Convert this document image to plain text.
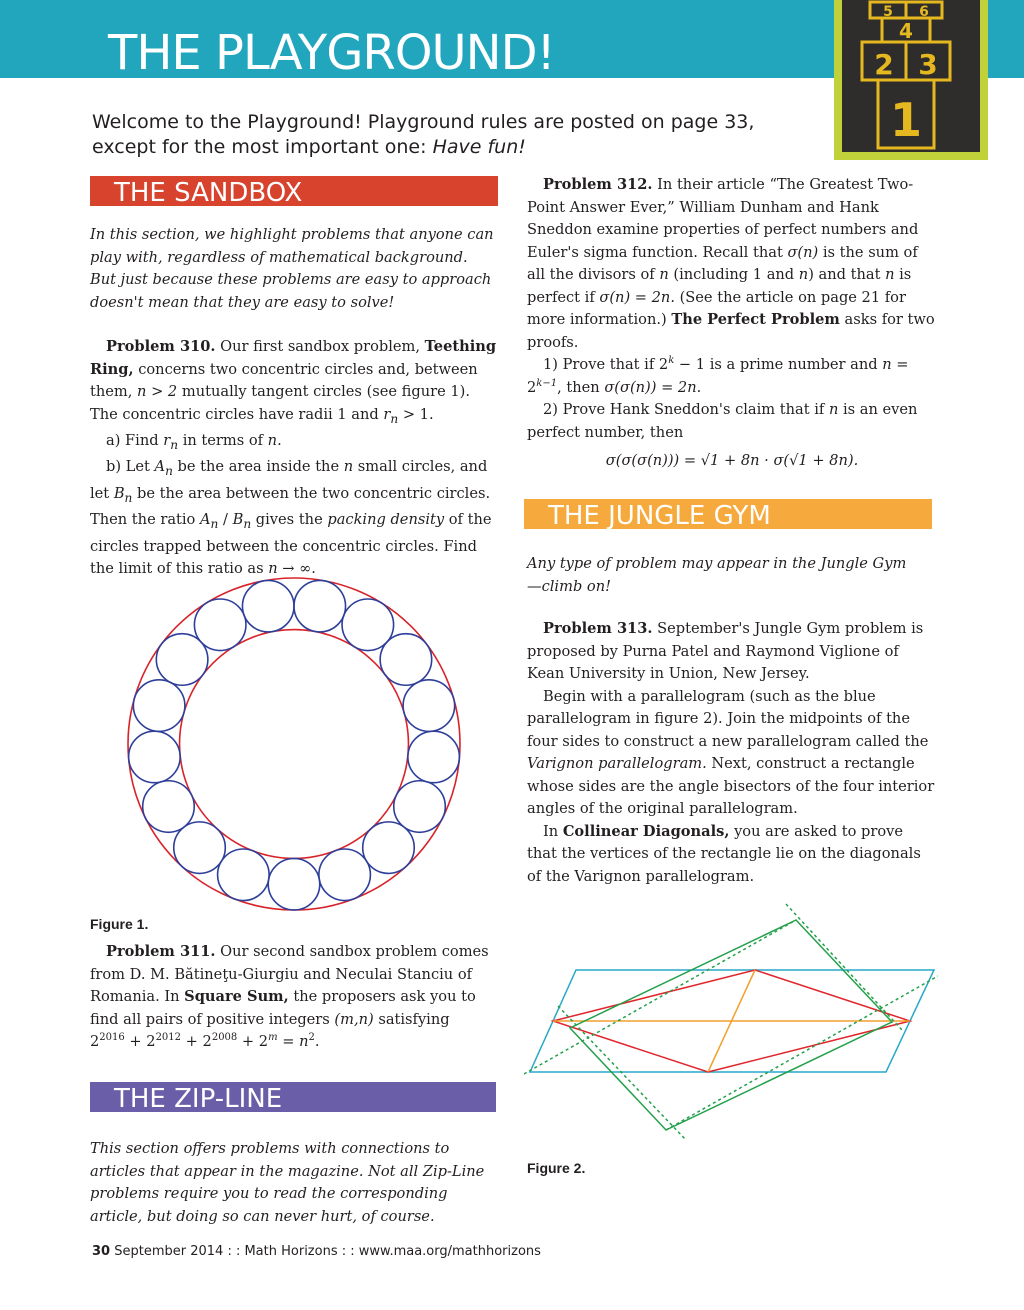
THE PLAYGROUND!
5 6
4
2 3
1
Welcome to the Playground! Playground rules are posted on page 33, except for the most important one: Have fun!
THE SANDBOX
In this section, we highlight problems that anyone can play with, regardless of mathematical background. But just because these problems are easy to approach doesn't mean that they are easy to solve!

Problem 310. Our first sandbox problem, Teething Ring, concerns two concentric circles and, between them, n > 2 mutually tangent circles (see figure 1). The concentric circles have radii 1 and $r_n > 1$.

a) Find $r_n$ in terms of n.

b) Let $A_n$ be the area inside the n small circles, and let $B_n$ be the area between the two concentric circles. Then the ratio $A_n / B_n$ gives the packing density of the circles trapped between the concentric circles. Find the limit of this ratio as n → ∞.

Figure 1.

Problem 311. Our second sandbox problem comes from D. M. Bătineţu-Giurgiu and Neculai Stanciu of Romania. In Square Sum, the proposers ask you to find all pairs of positive integers (m,n) satisfying

$2^{2016} + 2^{2012} + 2^{2008} + 2^m = n^2$.

THE ZIP-LINE
This section offers problems with connections to articles that appear in the magazine. Not all Zip-Line problems require you to read the corresponding article, but doing so can never hurt, of course.

Problem 312. In their article “The Greatest Two-Point Answer Ever,” William Dunham and Hank Sneddon examine properties of perfect numbers and Euler's sigma function. Recall that σ(n) is the sum of all the divisors of n (including 1 and n) and that n is perfect if σ(n) = 2n. (See the article on page 21 for more information.) The Perfect Problem asks for two proofs.

1) Prove that if $2^k - 1$ is a prime number and $n = 2^{k-1}$, then σ(σ(n)) = 2n.

2) Prove Hank Sneddon's claim that if n is an even perfect number, then

σ(σ(σ(n))) = √1 + 8n · σ(√1 + 8n).

THE JUNGLE GYM
Any type of problem may appear in the Jungle Gym—climb on!

Problem 313. September's Jungle Gym problem is proposed by Purna Patel and Raymond Viglione of Kean University in Union, New Jersey.

Begin with a parallelogram (such as the blue parallelogram in figure 2). Join the midpoints of the four sides to construct a new parallelogram called the Varignon parallelogram. Next, construct a rectangle whose sides are the angle bisectors of the four interior angles of the original parallelogram.

In Collinear Diagonals, you are asked to prove that the vertices of the rectangle lie on the diagonals of the Varignon parallelogram.

Figure 2.
30 September 2014 : : Math Horizons : : www.maa.org/mathhorizons
